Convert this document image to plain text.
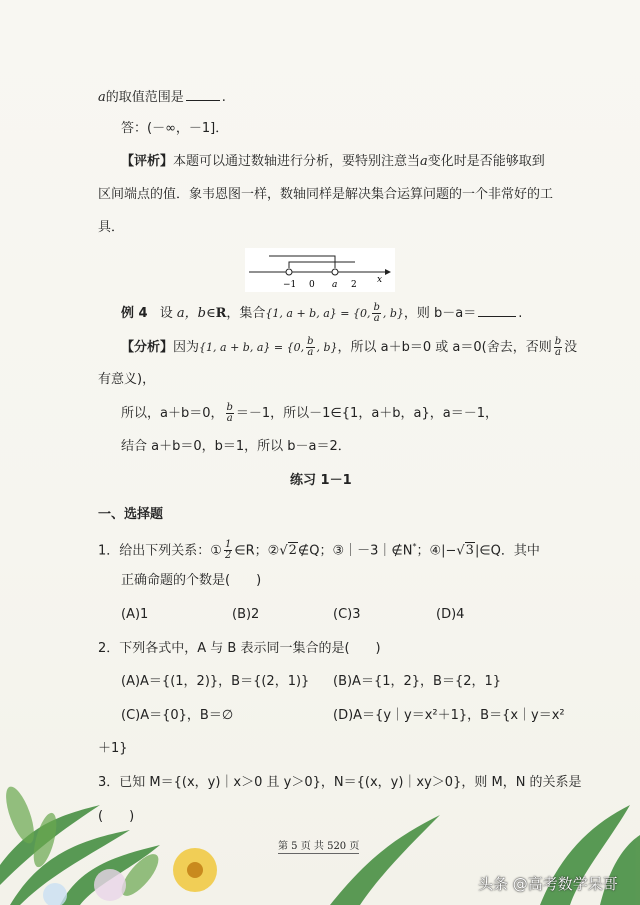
a的取值范围是	.
答：(－∞，－1]．
【评析】本题可以通过数轴进行分析，要特别注意当a变化时是否能够取到
区间端点的值．象韦恩图一样，数轴同样是解决集合运算问题的一个非常好的工
具．
−1 0 a 2 x
例 4 设 a，b∈R，集合{1, a + b, a} = {0, $\frac{b}{a}$ , b}，则 b－a＝	.
【分析】因为{1, a + b, a} = {0, $\frac{b}{a}$ , b}，所以 a＋b＝0 或 a＝0(舍去，否则 $\frac{b}{a}$ 没
有意义)，
所以，a＋b＝0， $\frac{b}{a} =-1$，所以－1∈{1，a＋b，a}，a＝－1，
结合 a＋b＝0，b＝1，所以 b－a＝2．
练习 1－1
一、选择题
1．给出下列关系：① $\frac{1}{2}$ ∈R；②√2∉Q；③｜－3｜∉N*；④|−√3|∈Q．其中
正确命题的个数是(　　)
(A)1	(B)2	(C)3	(D)4
2．下列各式中，A 与 B 表示同一集合的是(　　)
(A)A＝{(1，2)}，B＝{(2，1)} (B)A＝{1，2}，B＝{2，1}
(C)A＝{0}，B＝∅	(D)A＝{y｜y＝x²＋1}，B＝{x｜y＝x²
＋1}
3．已知 M＝{(x，y)｜x＞0 且 y＞0}，N＝{(x，y)｜xy＞0}，则 M，N 的关系是
(　　)
第 5 页 共 520 页
头条 @高考数学呆哥
